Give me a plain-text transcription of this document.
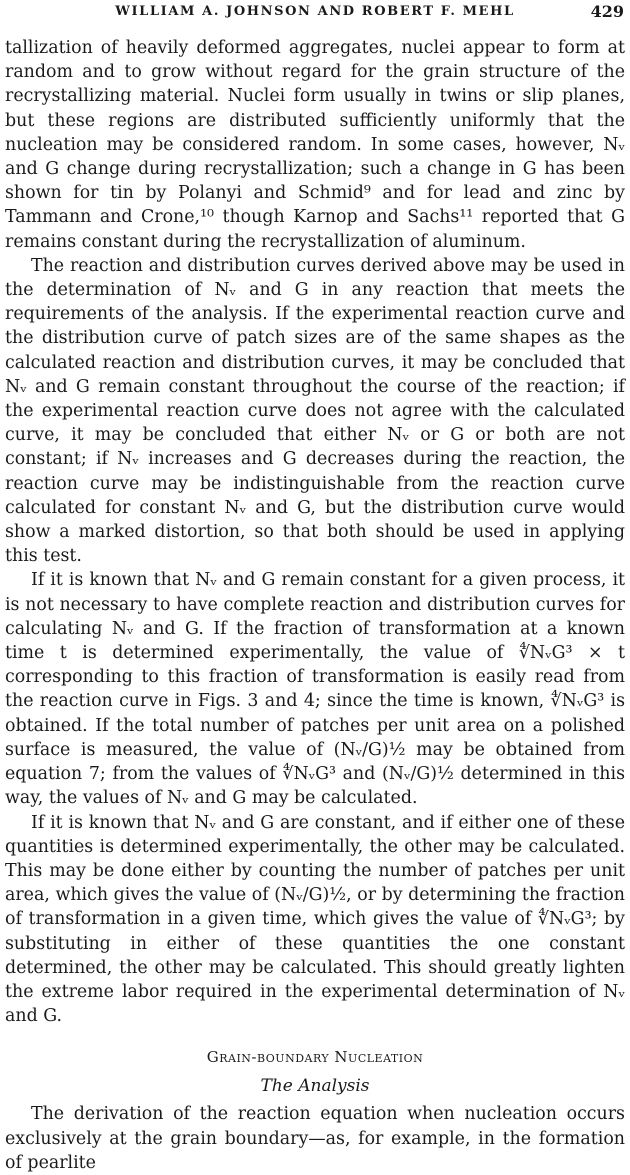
WILLIAM A. JOHNSON AND ROBERT F. MEHL	429

tallization of heavily deformed aggregates, nuclei appear to form at random and to grow without regard for the grain structure of the recrystallizing material. Nuclei form usually in twins or slip planes, but these regions are distributed sufficiently uniformly that the nucleation may be considered random. In some cases, however, Nᵥ and G change during recrystallization; such a change in G has been shown for tin by Polanyi and Schmid⁹ and for lead and zinc by Tammann and Crone,¹⁰ though Karnop and Sachs¹¹ reported that G remains constant during the recrystallization of aluminum.

The reaction and distribution curves derived above may be used in the determination of Nᵥ and G in any reaction that meets the requirements of the analysis. If the experimental reaction curve and the distribution curve of patch sizes are of the same shapes as the calculated reaction and distribution curves, it may be concluded that Nᵥ and G remain constant throughout the course of the reaction; if the experimental reaction curve does not agree with the calculated curve, it may be concluded that either Nᵥ or G or both are not constant; if Nᵥ increases and G decreases during the reaction, the reaction curve may be indistinguishable from the reaction curve calculated for constant Nᵥ and G, but the distribution curve would show a marked distortion, so that both should be used in applying this test.

If it is known that Nᵥ and G remain constant for a given process, it is not necessary to have complete reaction and distribution curves for calculating Nᵥ and G. If the fraction of transformation at a known time t is determined experimentally, the value of ∜NᵥG³ × t corresponding to this fraction of transformation is easily read from the reaction curve in Figs. 3 and 4; since the time is known, ∜NᵥG³ is obtained. If the total number of patches per unit area on a polished surface is measured, the value of (Nᵥ/G)½ may be obtained from equation 7; from the values of ∜NᵥG³ and (Nᵥ/G)½ determined in this way, the values of Nᵥ and G may be calculated.

If it is known that Nᵥ and G are constant, and if either one of these quantities is determined experimentally, the other may be calculated. This may be done either by counting the number of patches per unit area, which gives the value of (Nᵥ/G)½, or by determining the fraction of transformation in a given time, which gives the value of ∜NᵥG³; by substituting in either of these quantities the one constant determined, the other may be calculated. This should greatly lighten the extreme labor required in the experimental determination of Nᵥ and G.

Grain-boundary Nucleation
The Analysis

The derivation of the reaction equation when nucleation occurs exclusively at the grain boundary—as, for example, in the formation of pearlite
